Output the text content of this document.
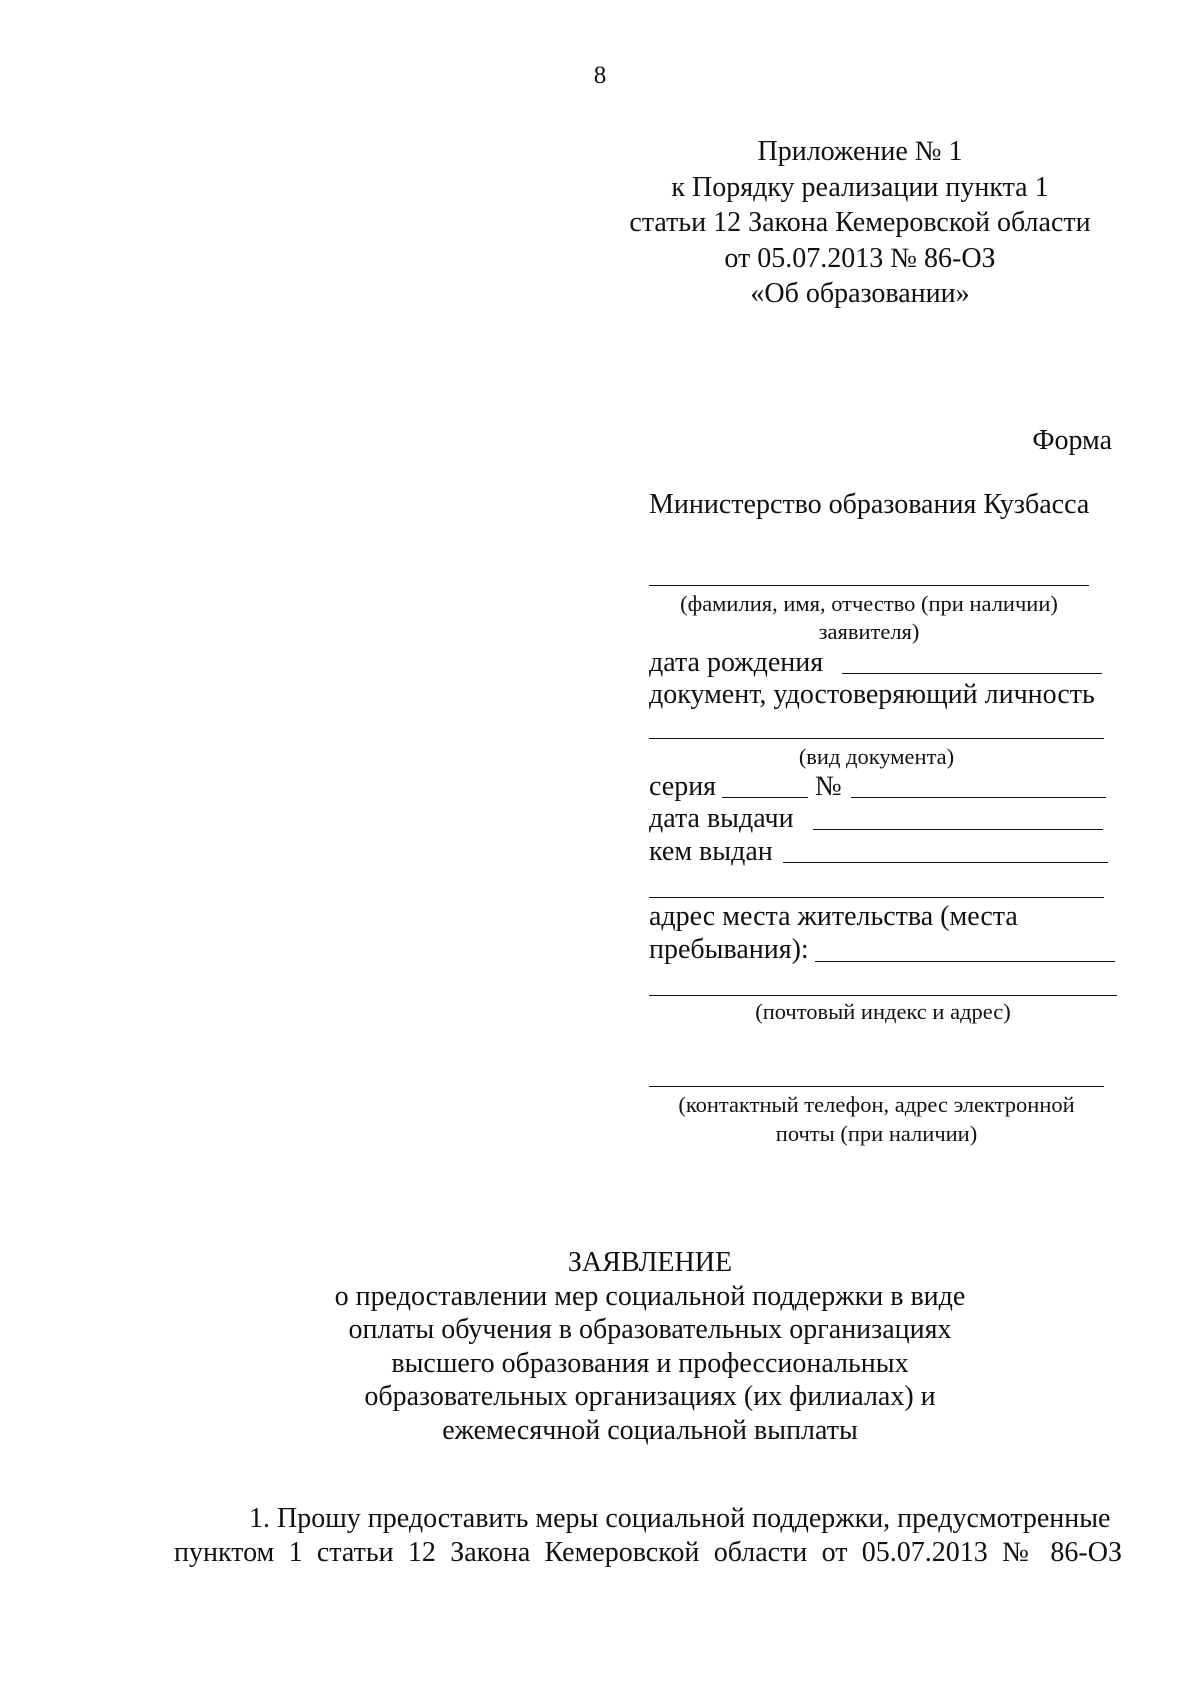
8
Приложение № 1
к Порядку реализации пункта 1
статьи 12 Закона Кемеровской области
от 05.07.2013 № 86-ОЗ
«Об образовании»
Форма
Министерство образования Кузбасса
(фамилия, имя, отчество (при наличии)
заявителя)
дата рождения
документ, удостоверяющий личность
(вид документа)
серия	№
дата выдачи
кем выдан
адрес места жительства (места
пребывания):
(почтовый индекс и адрес)
(контактный телефон, адрес электронной
почты (при наличии)
ЗАЯВЛЕНИЕ
о предоставлении мер социальной поддержки в виде
оплаты обучения в образовательных организациях
высшего образования и профессиональных
образовательных организациях (их филиалах) и
ежемесячной социальной выплаты
1. Прошу предоставить меры социальной поддержки, предусмотренные
пунктом 1 статьи 12 Закона Кемеровской области от 05.07.2013 № 86-ОЗ
